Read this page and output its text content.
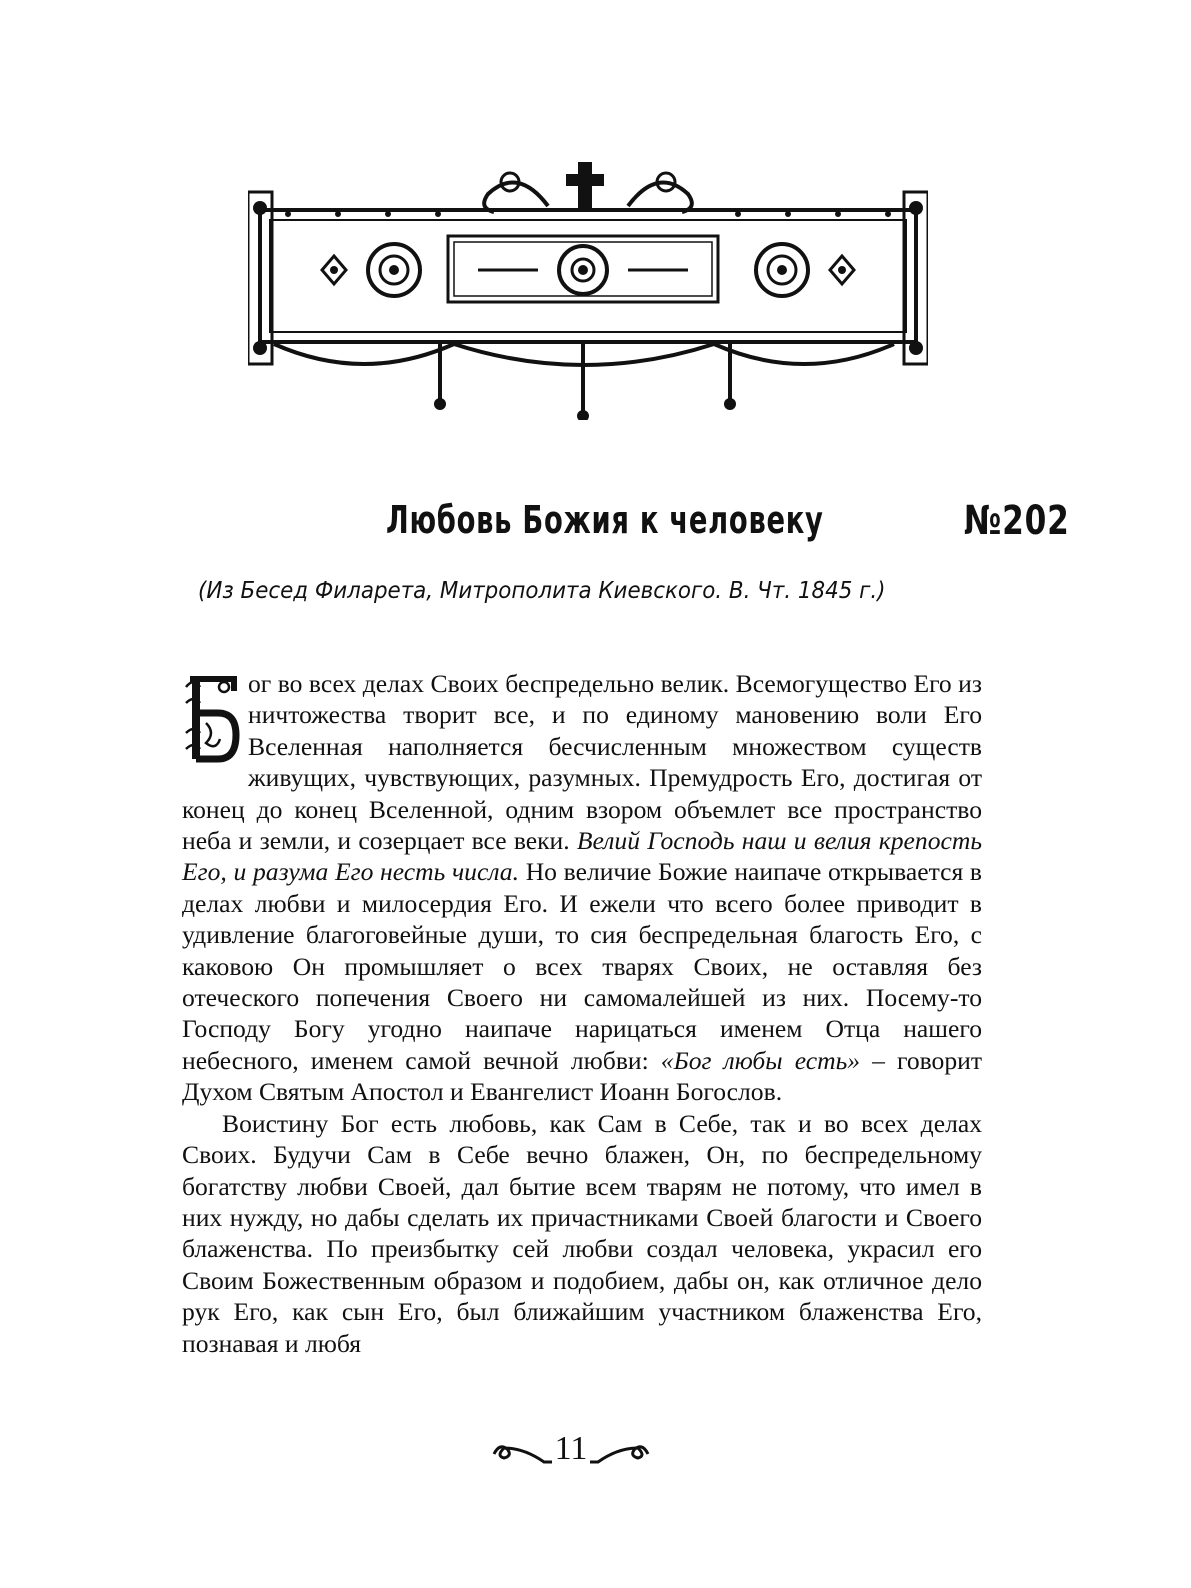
Любовь Божия к человеку	№202
(Из Бесед Филарета, Митрополита Киевского. В. Чт. 1845 г.)

ог во всех делах Своих беспредельно велик. Всемогущество Его из ничтожества творит все, и по единому мановению воли Его Вселенная наполняется бесчисленным множеством существ живущих, чувствующих, разумных. Премудрость Его, достигая от конец до конец Вселенной, одним взором объемлет все пространство неба и земли, и созерцает все веки. Велий Господь наш и велия крепость Его, и разума Его несть числа. Но величие Божие наипаче открывается в делах любви и милосердия Его. И ежели что всего более приводит в удивление благоговейные души, то сия беспредельная благость Его, с каковою Он промышляет о всех тварях Своих, не оставляя без отеческого попечения Своего ни самомалейшей из них. Посему-то Господу Богу угодно наипаче нарицаться именем Отца нашего небесного, именем самой вечной любви: «Бог любы есть» – говорит Духом Святым Апостол и Евангелист Иоанн Богослов.

Воистину Бог есть любовь, как Сам в Себе, так и во всех делах Своих. Будучи Сам в Себе вечно блажен, Он, по беспредельному богатству любви Своей, дал бытие всем тварям не потому, что имел в них нужду, но дабы сделать их причастниками Своей благости и Своего блаженства. По преизбытку сей любви создал человека, украсил его Своим Божественным образом и подобием, дабы он, как отличное дело рук Его, как сын Его, был ближайшим участником блаженства Его, познавая и любя

11
